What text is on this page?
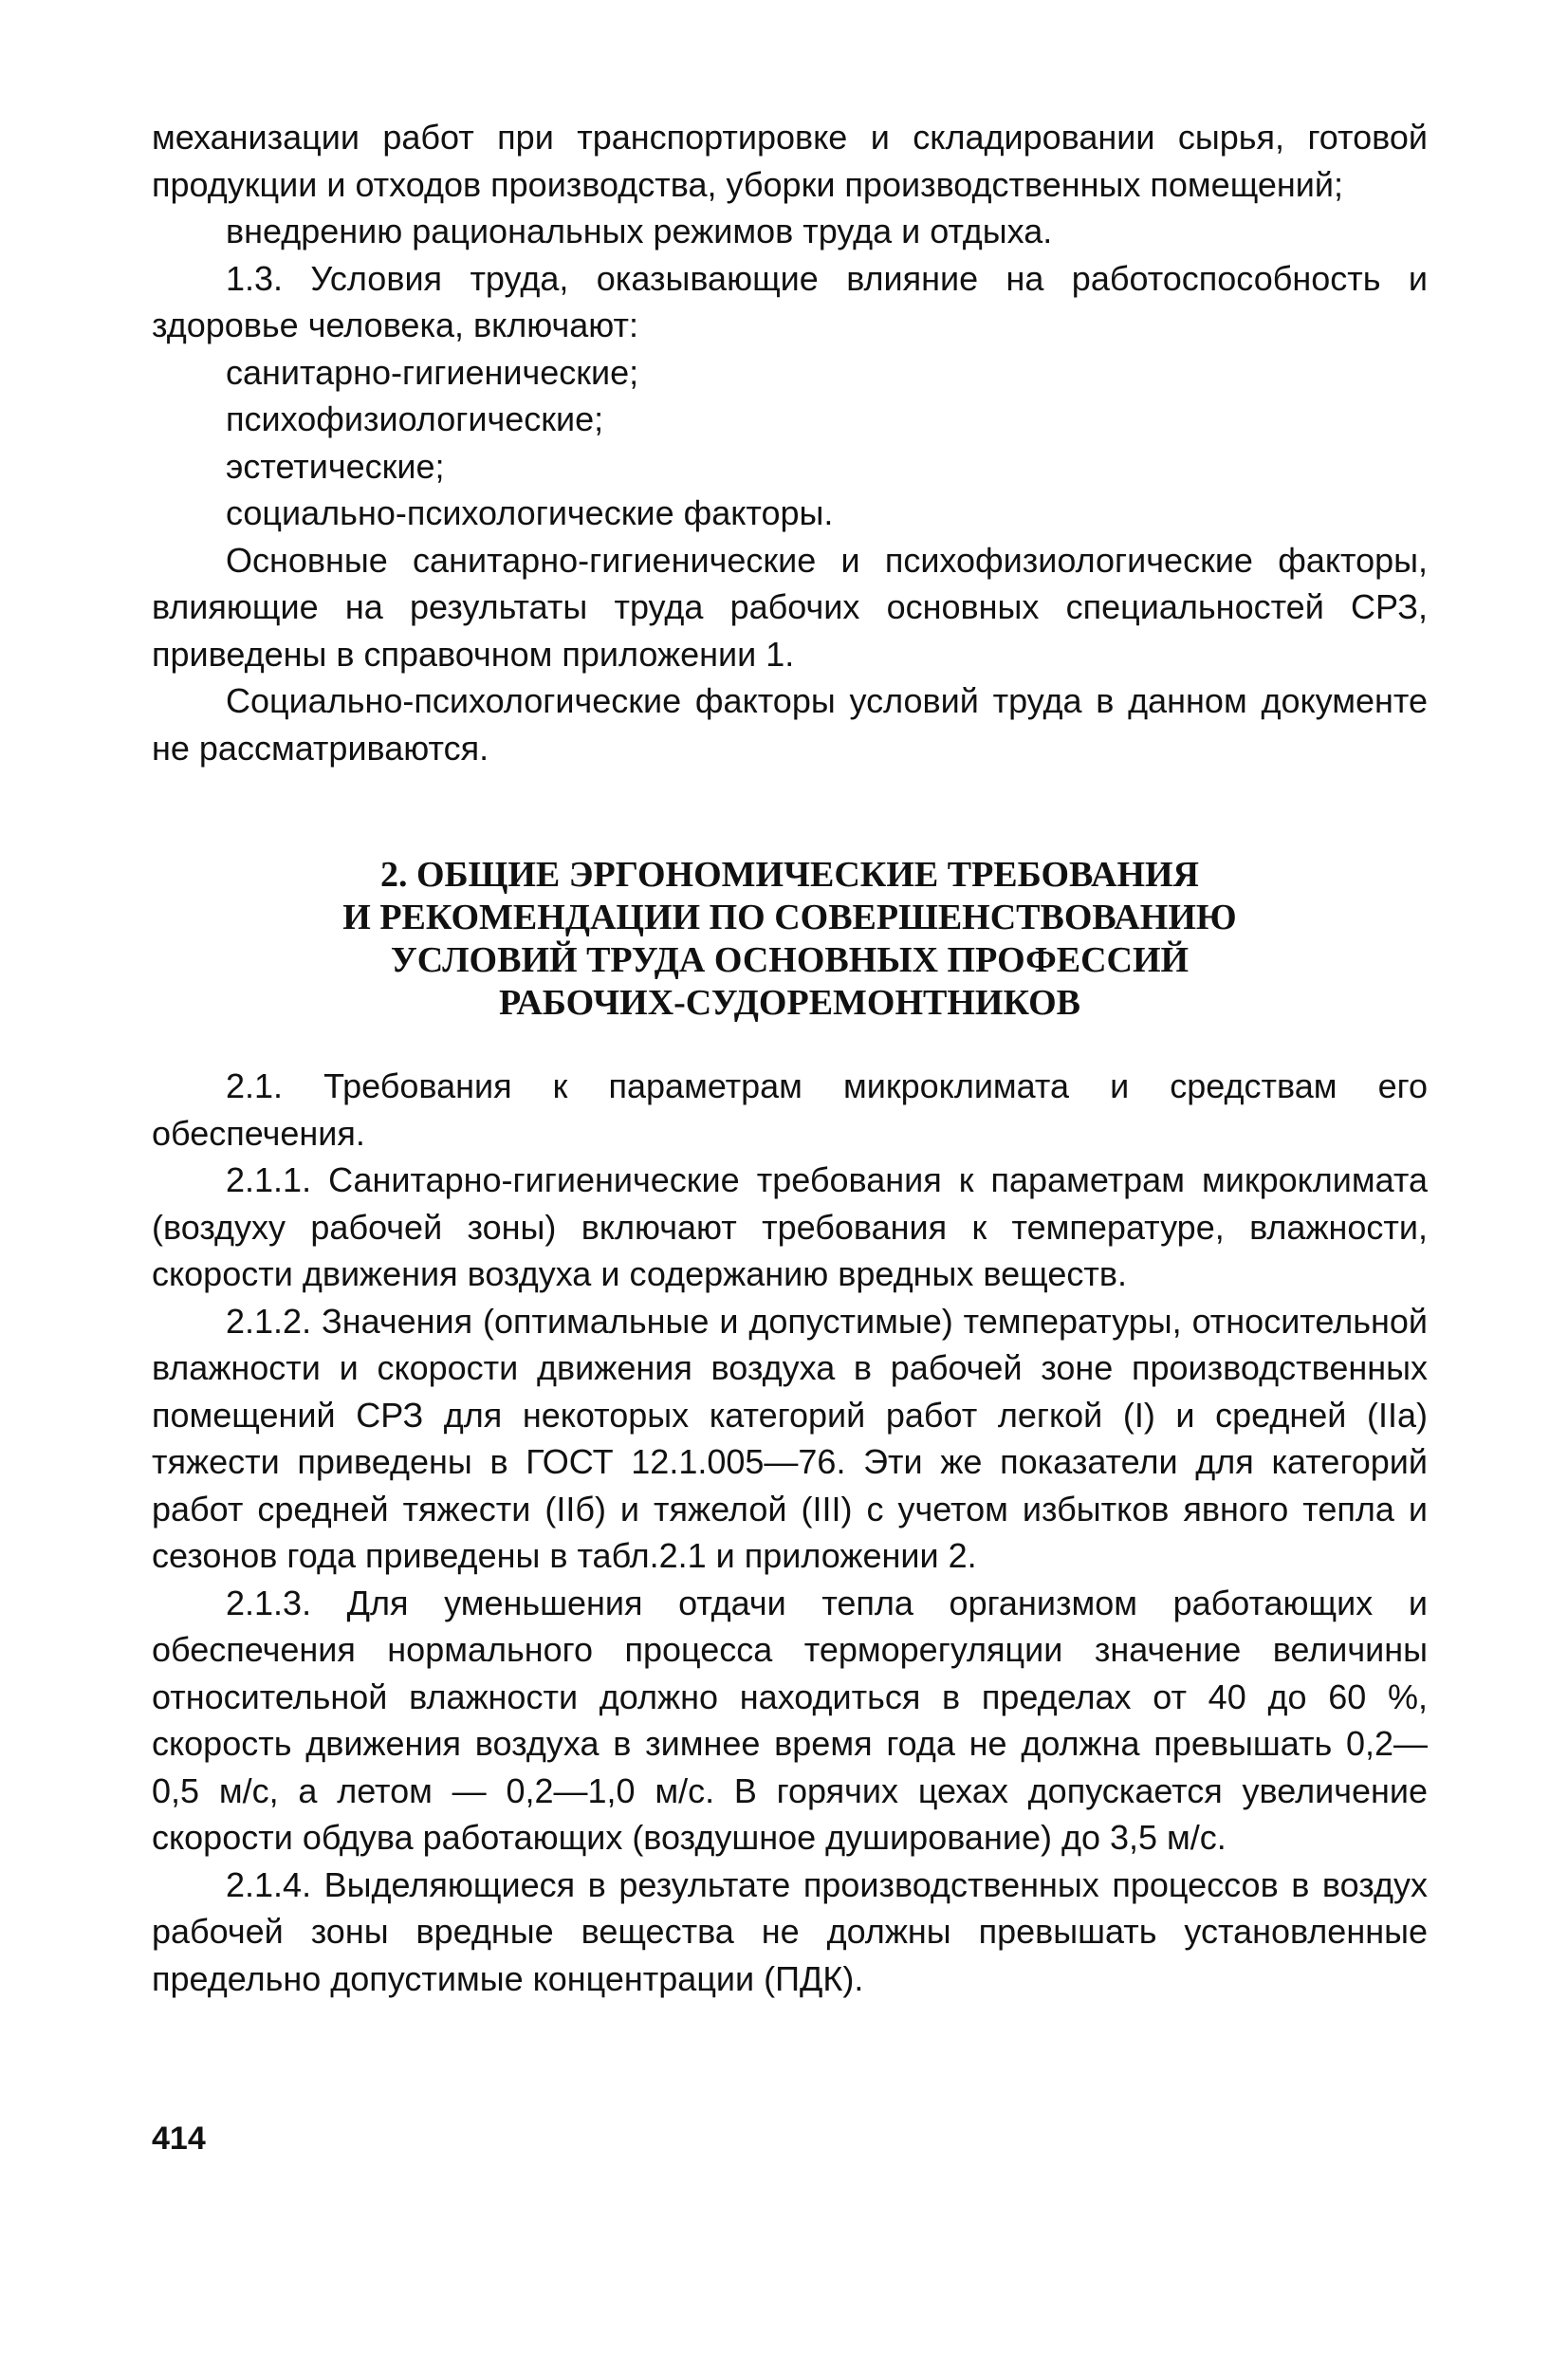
механизации работ при транспортировке и складировании сырья, готовой продукции и отходов производства, уборки производственных помещений;

внедрению рациональных режимов труда и отдыха.

1.3. Условия труда, оказывающие влияние на работоспособность и здоровье человека, включают:

санитарно-гигиенические;

психофизиологические;

эстетические;

социально-психологические факторы.

Основные санитарно-гигиенические и психофизиологические факторы, влияющие на результаты труда рабочих основных специальностей СРЗ, приведены в справочном приложении 1.

Социально-психологические факторы условий труда в данном документе не рассматриваются.

2. ОБЩИЕ ЭРГОНОМИЧЕСКИЕ ТРЕБОВАНИЯ
И РЕКОМЕНДАЦИИ ПО СОВЕРШЕНСТВОВАНИЮ
УСЛОВИЙ ТРУДА ОСНОВНЫХ ПРОФЕССИЙ
РАБОЧИХ-СУДОРЕМОНТНИКОВ

2.1. Требования к параметрам микроклимата и средствам его обеспечения.

2.1.1. Санитарно-гигиенические требования к параметрам микроклимата (воздуху рабочей зоны) включают требования к температуре, влажности, скорости движения воздуха и содержанию вредных веществ.

2.1.2. Значения (оптимальные и допустимые) температуры, относительной влажности и скорости движения воздуха в рабочей зоне производственных помещений СРЗ для некоторых категорий работ легкой (I) и средней (IIа) тяжести приведены в ГОСТ 12.1.005—76. Эти же показатели для категорий работ средней тяжести (IIб) и тяжелой (III) с учетом избытков явного тепла и сезонов года приведены в табл.2.1 и приложении 2.

2.1.3. Для уменьшения отдачи тепла организмом работающих и обеспечения нормального процесса терморегуляции значение величины относительной влажности должно находиться в пределах от 40 до 60 %, скорость движения воздуха в зимнее время года не должна превышать 0,2—0,5 м/с, а летом — 0,2—1,0 м/с. В горячих цехах допускается увеличение скорости обдува работающих (воздушное душирование) до 3,5 м/с.

2.1.4. Выделяющиеся в результате производственных процессов в воздух рабочей зоны вредные вещества не должны превышать установленные предельно допустимые концентрации (ПДК).

414
